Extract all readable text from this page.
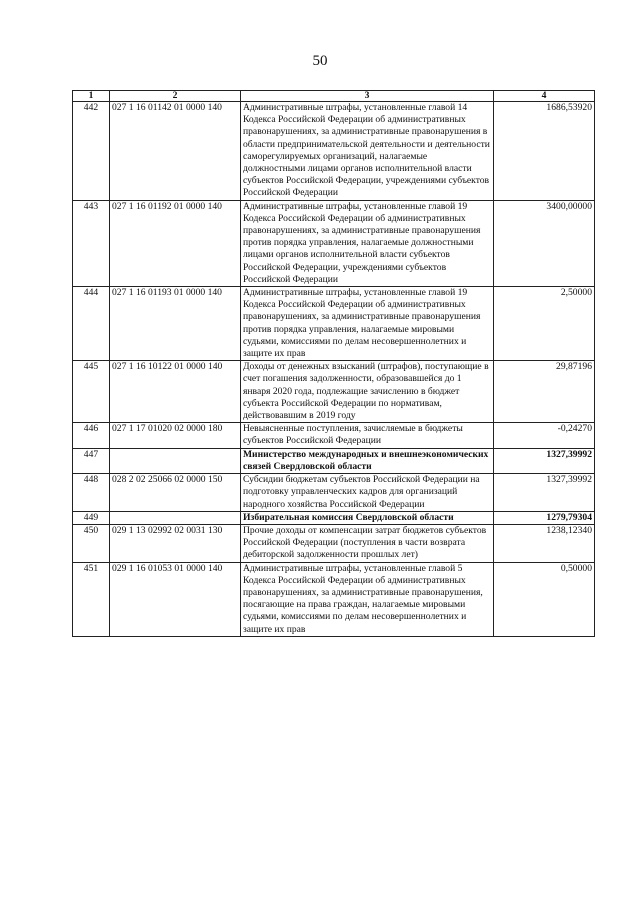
50
1	2	3	4
442	027 1 16 01142 01 0000 140	Административные штрафы, установленные главой 14 Кодекса Российской Федерации об административных правонарушениях, за административные правонарушения в области предпринимательской деятельности и деятельности саморегулируемых организаций, налагаемые должностными лицами органов исполнительной власти субъектов Российской Федерации, учреждениями субъектов Российской Федерации	1686,53920
443	027 1 16 01192 01 0000 140	Административные штрафы, установленные главой 19 Кодекса Российской Федерации об административных правонарушениях, за административные правонарушения против порядка управления, налагаемые должностными лицами органов исполнительной власти субъектов Российской Федерации, учреждениями субъектов Российской Федерации	3400,00000
444	027 1 16 01193 01 0000 140	Административные штрафы, установленные главой 19 Кодекса Российской Федерации об административных правонарушениях, за административные правонарушения против порядка управления, налагаемые мировыми судьями, комиссиями по делам несовершеннолетних и защите их прав	2,50000
445	027 1 16 10122 01 0000 140	Доходы от денежных взысканий (штрафов), поступающие в счет погашения задолженности, образовавшейся до 1 января 2020 года, подлежащие зачислению в бюджет субъекта Российской Федерации по нормативам, действовавшим в 2019 году	29,87196
446	027 1 17 01020 02 0000 180	Невыясненные поступления, зачисляемые в бюджеты субъектов Российской Федерации	-0,24270
447		Министерство международных и внешнеэкономических связей Свердловской области	1327,39992
448	028 2 02 25066 02 0000 150	Субсидии бюджетам субъектов Российской Федерации на подготовку управленческих кадров для организаций народного хозяйства Российской Федерации	1327,39992
449		Избирательная комиссия Свердловской области	1279,79304
450	029 1 13 02992 02 0031 130	Прочие доходы от компенсации затрат бюджетов субъектов Российской Федерации (поступления в части возврата дебиторской задолженности прошлых лет)	1238,12340
451	029 1 16 01053 01 0000 140	Административные штрафы, установленные главой 5 Кодекса Российской Федерации об административных правонарушениях, за административные правонарушения, посягающие на права граждан, налагаемые мировыми судьями, комиссиями по делам несовершеннолетних и защите их прав	0,50000
